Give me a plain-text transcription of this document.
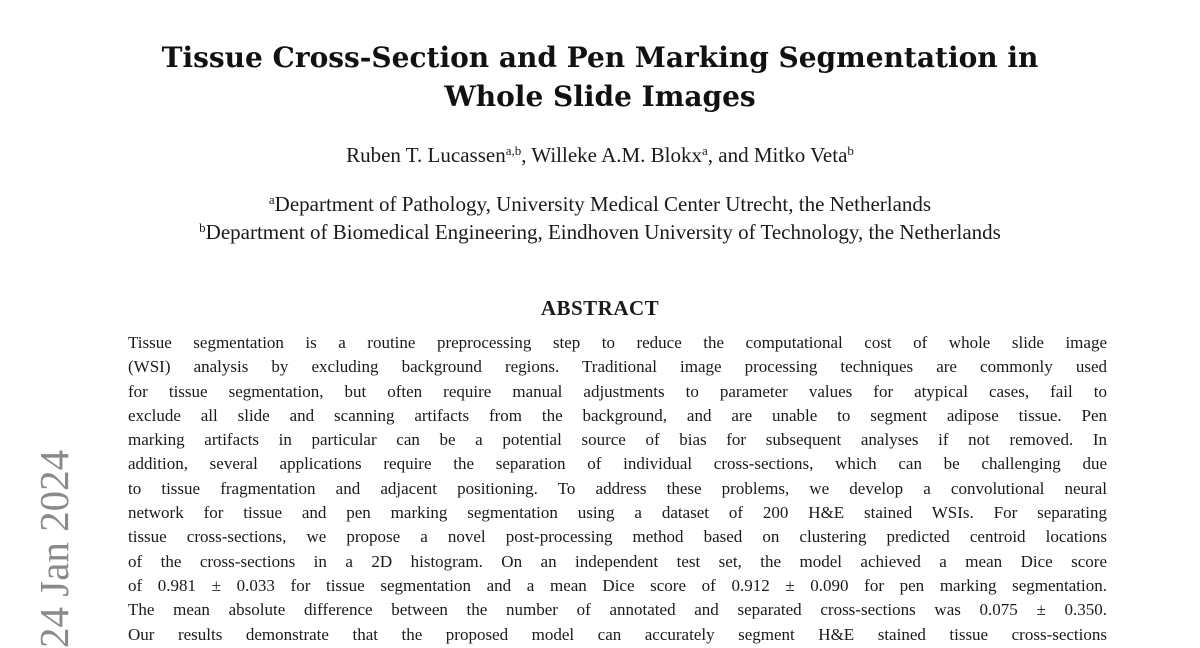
Tissue Cross-Section and Pen Marking Segmentation in
Whole Slide Images
Ruben T. Lucassen$^{a,b}$, Willeke A.M. Blokx$^a$, and Mitko Veta$^b$
$^a$Department of Pathology, University Medical Center Utrecht, the Netherlands
$^b$Department of Biomedical Engineering, Eindhoven University of Technology, the Netherlands
ABSTRACT
Tissue segmentation is a routine preprocessing step to reduce the computational cost of whole slide image
(WSI) analysis by excluding background regions. Traditional image processing techniques are commonly used
for tissue segmentation, but often require manual adjustments to parameter values for atypical cases, fail to
exclude all slide and scanning artifacts from the background, and are unable to segment adipose tissue. Pen
marking artifacts in particular can be a potential source of bias for subsequent analyses if not removed. In
addition, several applications require the separation of individual cross-sections, which can be challenging due
to tissue fragmentation and adjacent positioning. To address these problems, we develop a convolutional neural
network for tissue and pen marking segmentation using a dataset of 200 H&E stained WSIs. For separating
tissue cross-sections, we propose a novel post-processing method based on clustering predicted centroid locations
of the cross-sections in a 2D histogram. On an independent test set, the model achieved a mean Dice score
of 0.981 ± 0.033 for tissue segmentation and a mean Dice score of 0.912 ± 0.090 for pen marking segmentation.
The mean absolute difference between the number of annotated and separated cross-sections was 0.075 ± 0.350.
Our results demonstrate that the proposed model can accurately segment H&E stained tissue cross-sections
24 Jan 2024
